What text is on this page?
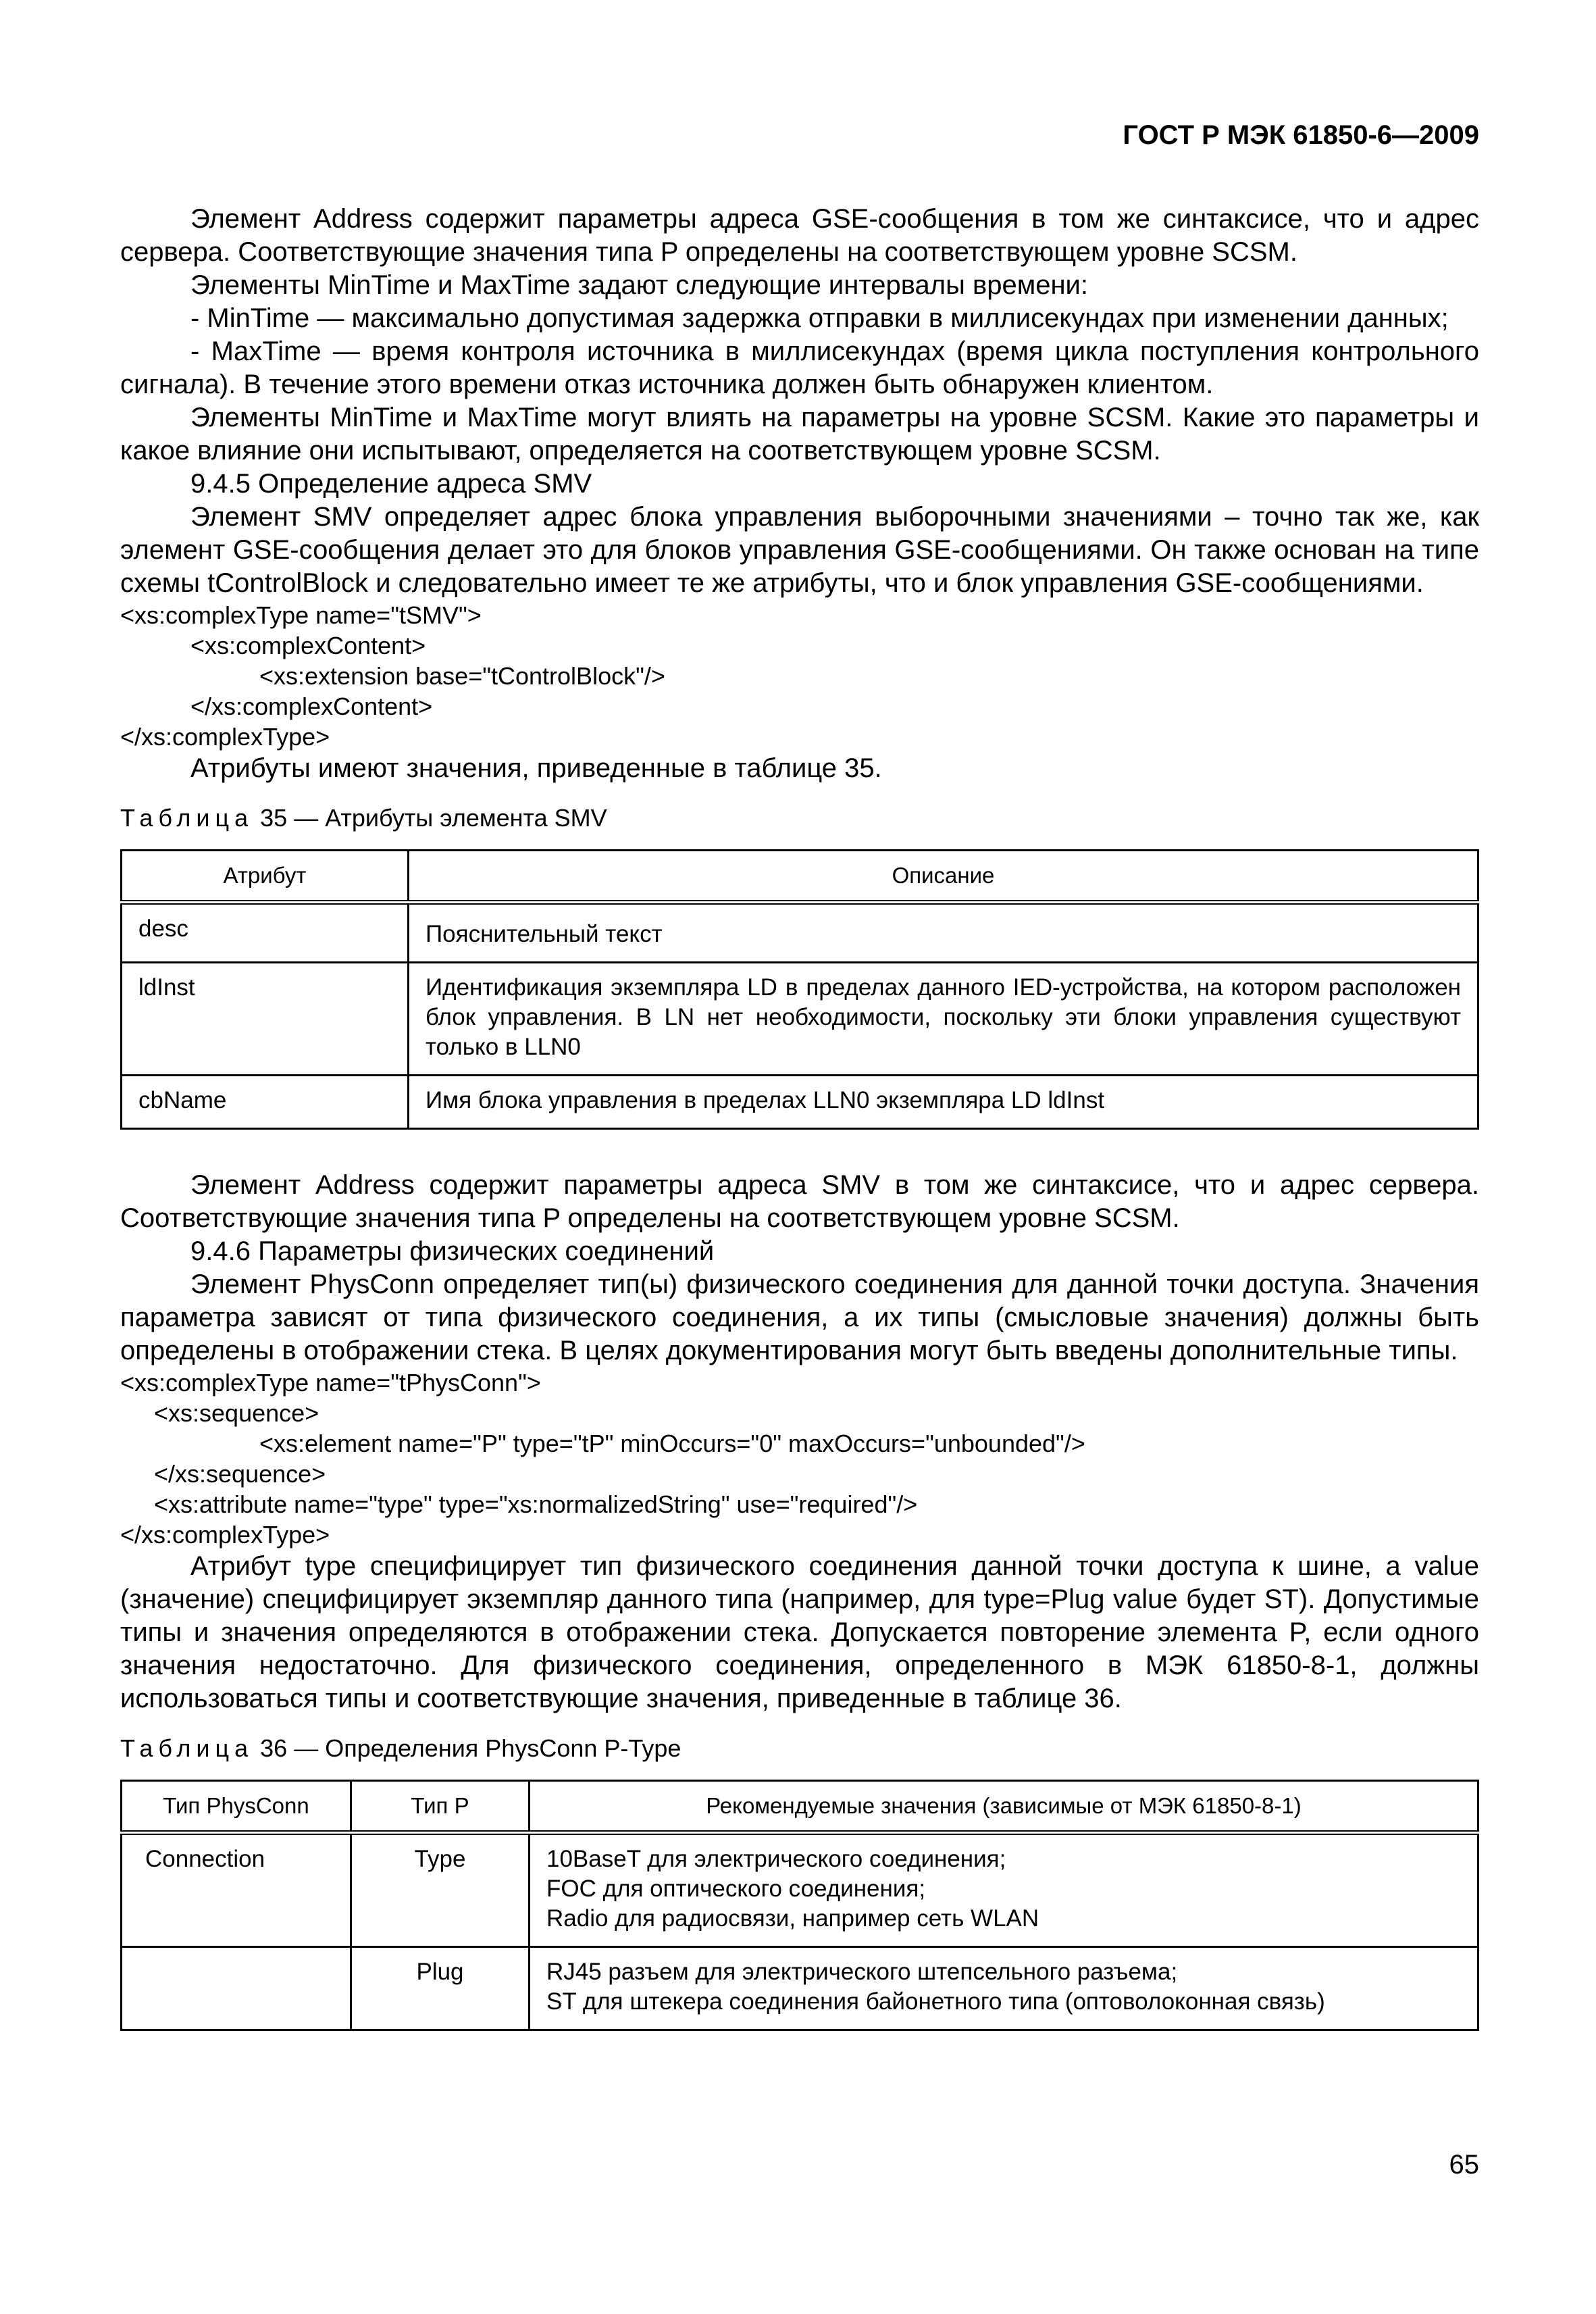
ГОСТ Р МЭК 61850-6—2009

Элемент Address содержит параметры адреса GSE-сообщения в том же синтаксисе, что и адрес сервера. Соответствующие значения типа P определены на соответствующем уровне SCSM.

Элементы MinTime и MaxTime задают следующие интервалы времени:

- MinTime — максимально допустимая задержка отправки в миллисекундах при изменении данных;

- MaxTime — время контроля источника в миллисекундах (время цикла поступления контрольного сигнала). В течение этого времени отказ источника должен быть обнаружен клиентом.

Элементы MinTime и MaxTime могут влиять на параметры на уровне SCSM. Какие это параметры и какое влияние они испытывают, определяется на соответствующем уровне SCSM.

9.4.5 Определение адреса SMV

Элемент SMV определяет адрес блока управления выборочными значениями – точно так же, как элемент GSE-сообщения делает это для блоков управления GSE-сообщениями. Он также основан на типе схемы tControlBlock и следовательно имеет те же атрибуты, что и блок управления GSE-сообщениями.

<xs:complexType name="tSMV">
<xs:complexContent>
<xs:extension base="tControlBlock"/>
</xs:complexContent>
</xs:complexType>

Атрибуты имеют значения, приведенные в таблице 35.

Таблица 35 — Атрибуты элемента SMV
Атрибут	Описание
desc	Пояснительный текст
ldInst	Идентификация экземпляра LD в пределах данного IED-устройства, на котором расположен блок управления. В LN нет необходимости, поскольку эти блоки управления существуют только в LLN0
cbName	Имя блока управления в пределах LLN0 экземпляра LD ldInst

Элемент Address содержит параметры адреса SMV в том же синтаксисе, что и адрес сервера. Соответствующие значения типа P определены на соответствующем уровне SCSM.

9.4.6 Параметры физических соединений

Элемент PhysConn определяет тип(ы) физического соединения для данной точки доступа. Значения параметра зависят от типа физического соединения, а их типы (смысловые значения) должны быть определены в отображении стека. В целях документирования могут быть введены дополнительные типы.

<xs:complexType name="tPhysConn">
<xs:sequence>
<xs:element name="P" type="tP" minOccurs="0" maxOccurs="unbounded"/>
</xs:sequence>
<xs:attribute name="type" type="xs:normalizedString" use="required"/>
</xs:complexType>

Атрибут type специфицирует тип физического соединения данной точки доступа к шине, а value (значение) специфицирует экземпляр данного типа (например, для type=Plug value будет ST). Допустимые типы и значения определяются в отображении стека. Допускается повторение элемента P, если одного значения недостаточно. Для физического соединения, определенного в МЭК 61850-8-1, должны использоваться типы и соответствующие значения, приведенные в таблице 36.

Таблица 36 — Определения PhysConn P-Type
Тип PhysConn	Тип P	Рекомендуемые значения (зависимые от МЭК 61850-8-1)
Connection	Type	10BaseT для электрического соединения;
FOC для оптического соединения;
Radio для радиосвязи, например сеть WLAN

	Plug	RJ45 разъем для электрического штепсельного разъема;
ST для штекера соединения байонетного типа (оптоволоконная связь)
65
